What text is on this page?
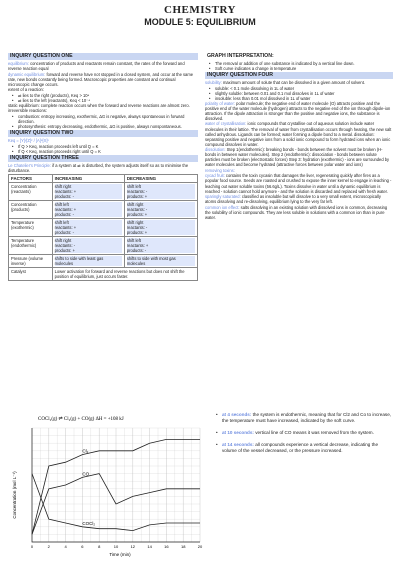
CHEMISTRY
MODULE 5: EQUILIBRIUM
INQUIRY QUESTION ONE
equilibrium: concentration of products and reactants remain constant, the rates of the forward and reverse reaction equal
dynamic equilibrium: forward and reverse have not stopped in a closed system, and occur at the same rate, new bonds constantly being formed. Macroscopic properties are constant and continual microscopic change occurs.
extent of a reaction:
• ⇌ lies to the right (products), Keq > 10⁴
• ⇌ lies to the left (reactants), Keq < 10⁻⁴
static equilibrium: complete reaction occurs when the forward and reverse reactions are almost zero.
irreversible reactions:
• combustion: entropy increasing, exothermic, ΔG is negative, always spontaneous in forward direction.
• photosynthesis: entropy decreasing, endothermic, ΔG is positive, always nonspontaneous.
INQUIRY QUESTION TWO
Keq = [Y]ʸ[Z]ᶻ / [A]ᵃ[X]ˣ
• If Q > Keq, reaction proceeds left until Q = K
• If Q < Keq, reaction proceeds right until Q = K
INQUIRY QUESTION THREE
Le Chatelier's Principle: if a system at ⇌ is disturbed, the system adjusts itself so as to minimise the disturbance.
FACTORS	INCREASING	DECREASING
Concentration (reactants)	shift right
reactants: +
products: -	shift left
reactants: -
products: +

Concentration (products)	shift left
reactants: +
products: -	shift right
reactants: -
products: +

Temperature (exothermic)	shift left
reactants: +
products: -	shift right
reactants: -
products: +

Temperature (endothermic)	shift right
reactants: -
products: +	shift left
reactants: +
products: -

Pressure (volume inverse)	shifts to side with least gas molecules	shifts to side with most gas molecules

Catalyst	Lower activation for forward and reverse reactions but does not shift the position of equilibrium, just occurs faster.	
GRAPH INTERPRETATION:
• The removal or addition of one substance is indicated by a vertical line down.
• Soft curve indicates a change in temperature
INQUIRY QUESTION FOUR
solubility: maximum amount of solute that can be dissolved in a given amount of solvent.
• soluble: < 0.1 mole dissolving in 1L of water
• slightly soluble: between 0.01 and 0.1 mol dissolves in 1L of water
• insoluble: less than 0.01 mol dissolved in 1L of water
polarity of water: polar molecule; the negative end of water molecule (O) attracts positive and the positive end of the water molecule (hydrogen) attracts to the negative end of the ion through dipole-ion attraction. If the dipole attraction is stronger than the positive and negative ions, the substance is dissolved.
water of crystallisation: ionic compounds that crystallise out of aqueous solution include water molecules in their lattice. The removal of water from crystallisation occurs through heating, the new salt called anhydrous. Ligands can be formed; water forming a dipole bond to a metal. dissolution: separating positive and negative ions from a solid ionic compound to form hydrated ions when an ionic compound dissolves in water.
dissolution: Step 1(endothermic): breaking bonds - bonds between the solvent must be broken (H-bonds in between water molecules). Step 2 (endothermic): dissociation - bonds between solute particles must be broken (electrostatic forces) Step 3: hydration (exothermic) - ions are surrounded by water molecules and become hydrated (attractive forces between polar water and ions)
removing toxins:
cycad fruit: contains the toxin cycasin that damages the liver, regenerating quickly after fires as a popular food source. Seeds are roasted and crushed to expose the inner kernel to engage in leaching - leaching out water soluble toxins (56.6g/L). Toxins dissolve in water until a dynamic equilibrium is reached - solution cannot hold anymore - and the solution is discarded and replaced with fresh water.
sparingly saturated: classified as insoluble but will dissolve to a very small extent, microscopically atoms dissolving and re-dissolving, equilibrium lying to the very far left.
common ion effect: salts dissolving in an existing solution with dissolved ions in common, decreasing the solubility of ionic compounds. They are less soluble in solutions with a common ion than in pure water.
COCl₂(g) ⇌ Cl₂(g) + CO(g) ΔH = +108 kJ
0	2	4	6	8	10	12	14	16	18	20
Cl₂
CO
COCl₂
Concentration (mol L⁻¹)
Time (min)
• at 4 seconds: the system is endothermic, meaning that for Cl2 and Co to increase, the temperature must have increased, indicated by the soft curve.
• at 10 seconds: vertical line of CO means it was removed from the system.
• at 14 seconds: all compounds experience a vertical decrease, indicating the volume of the vessel decreased, or the pressure increased.
